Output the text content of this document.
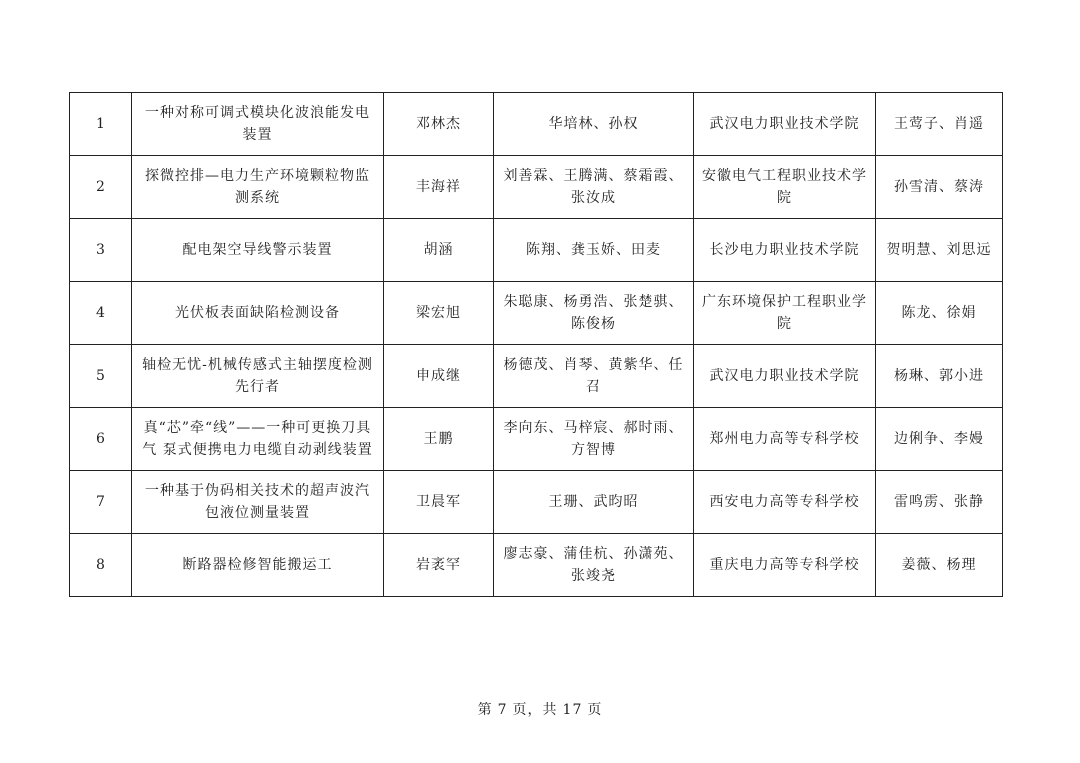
1	一种对称可调式模块化波浪能发电装置	邓林杰	华培林、孙权	武汉电力职业技术学院	王莺子、肖遥
2	探微控排—电力生产环境颗粒物监测系统	丰海祥	刘善霖、王腾满、蔡霜霞、张汝成	安徽电气工程职业技术学院	孙雪清、蔡涛
3	配电架空导线警示装置	胡涵	陈翔、龚玉娇、田麦	长沙电力职业技术学院	贺明慧、刘思远
4	光伏板表面缺陷检测设备	梁宏旭	朱聪康、杨勇浩、张楚骐、陈俊杨	广东环境保护工程职业学院	陈龙、徐娟
5	轴检无忧-机械传感式主轴摆度检测先行者	申成继	杨德茂、肖琴、黄紫华、任召	武汉电力职业技术学院	杨琳、郭小进
6	真“芯”牵“线”——一种可更换刀具气 泵式便携电力电缆自动剥线装置	王鹏	李向东、马梓宸、郝时雨、方智博	郑州电力高等专科学校	边俐争、李嫚
7	一种基于伪码相关技术的超声波汽包液位测量装置	卫晨军	王珊、武昀昭	西安电力高等专科学校	雷鸣雳、张静
8	断路器检修智能搬运工	岩袤罕	廖志豪、蒲佳杭、孙潇苑、张竣尧	重庆电力高等专科学校	姜薇、杨理
第 7 页，共 17 页
